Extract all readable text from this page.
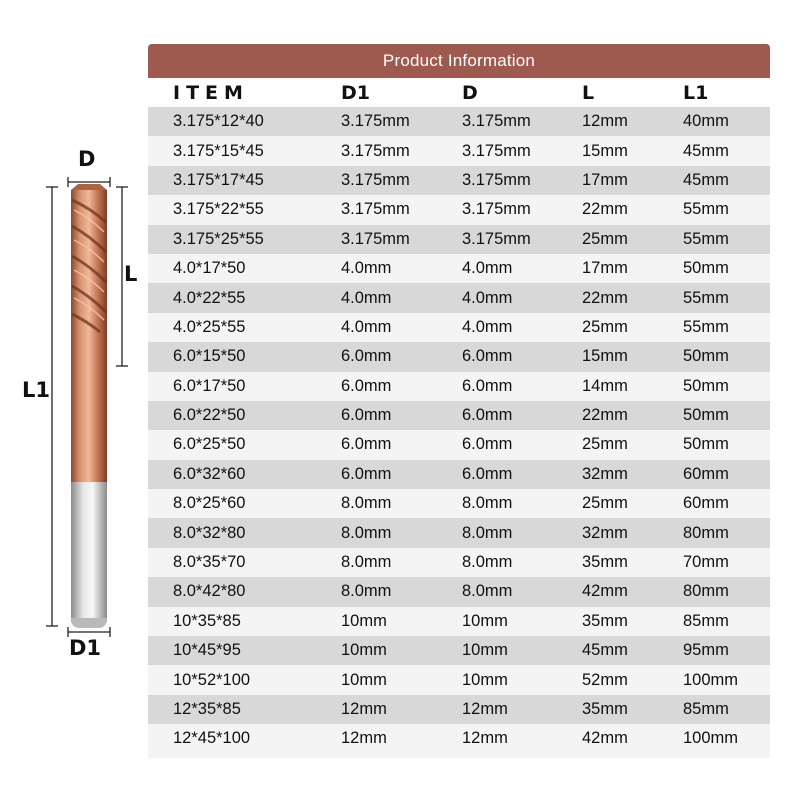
D
L
L1
D1
Product Information
ITEM	D1	D	L	L1
3.175*12*40	3.175mm	3.175mm	12mm	40mm
3.175*15*45	3.175mm	3.175mm	15mm	45mm
3.175*17*45	3.175mm	3.175mm	17mm	45mm
3.175*22*55	3.175mm	3.175mm	22mm	55mm
3.175*25*55	3.175mm	3.175mm	25mm	55mm
4.0*17*50	4.0mm	4.0mm	17mm	50mm
4.0*22*55	4.0mm	4.0mm	22mm	55mm
4.0*25*55	4.0mm	4.0mm	25mm	55mm
6.0*15*50	6.0mm	6.0mm	15mm	50mm
6.0*17*50	6.0mm	6.0mm	14mm	50mm
6.0*22*50	6.0mm	6.0mm	22mm	50mm
6.0*25*50	6.0mm	6.0mm	25mm	50mm
6.0*32*60	6.0mm	6.0mm	32mm	60mm
8.0*25*60	8.0mm	8.0mm	25mm	60mm
8.0*32*80	8.0mm	8.0mm	32mm	80mm
8.0*35*70	8.0mm	8.0mm	35mm	70mm
8.0*42*80	8.0mm	8.0mm	42mm	80mm
10*35*85	10mm	10mm	35mm	85mm
10*45*95	10mm	10mm	45mm	95mm
10*52*100	10mm	10mm	52mm	100mm
12*35*85	12mm	12mm	35mm	85mm
12*45*100	12mm	12mm	42mm	100mm
